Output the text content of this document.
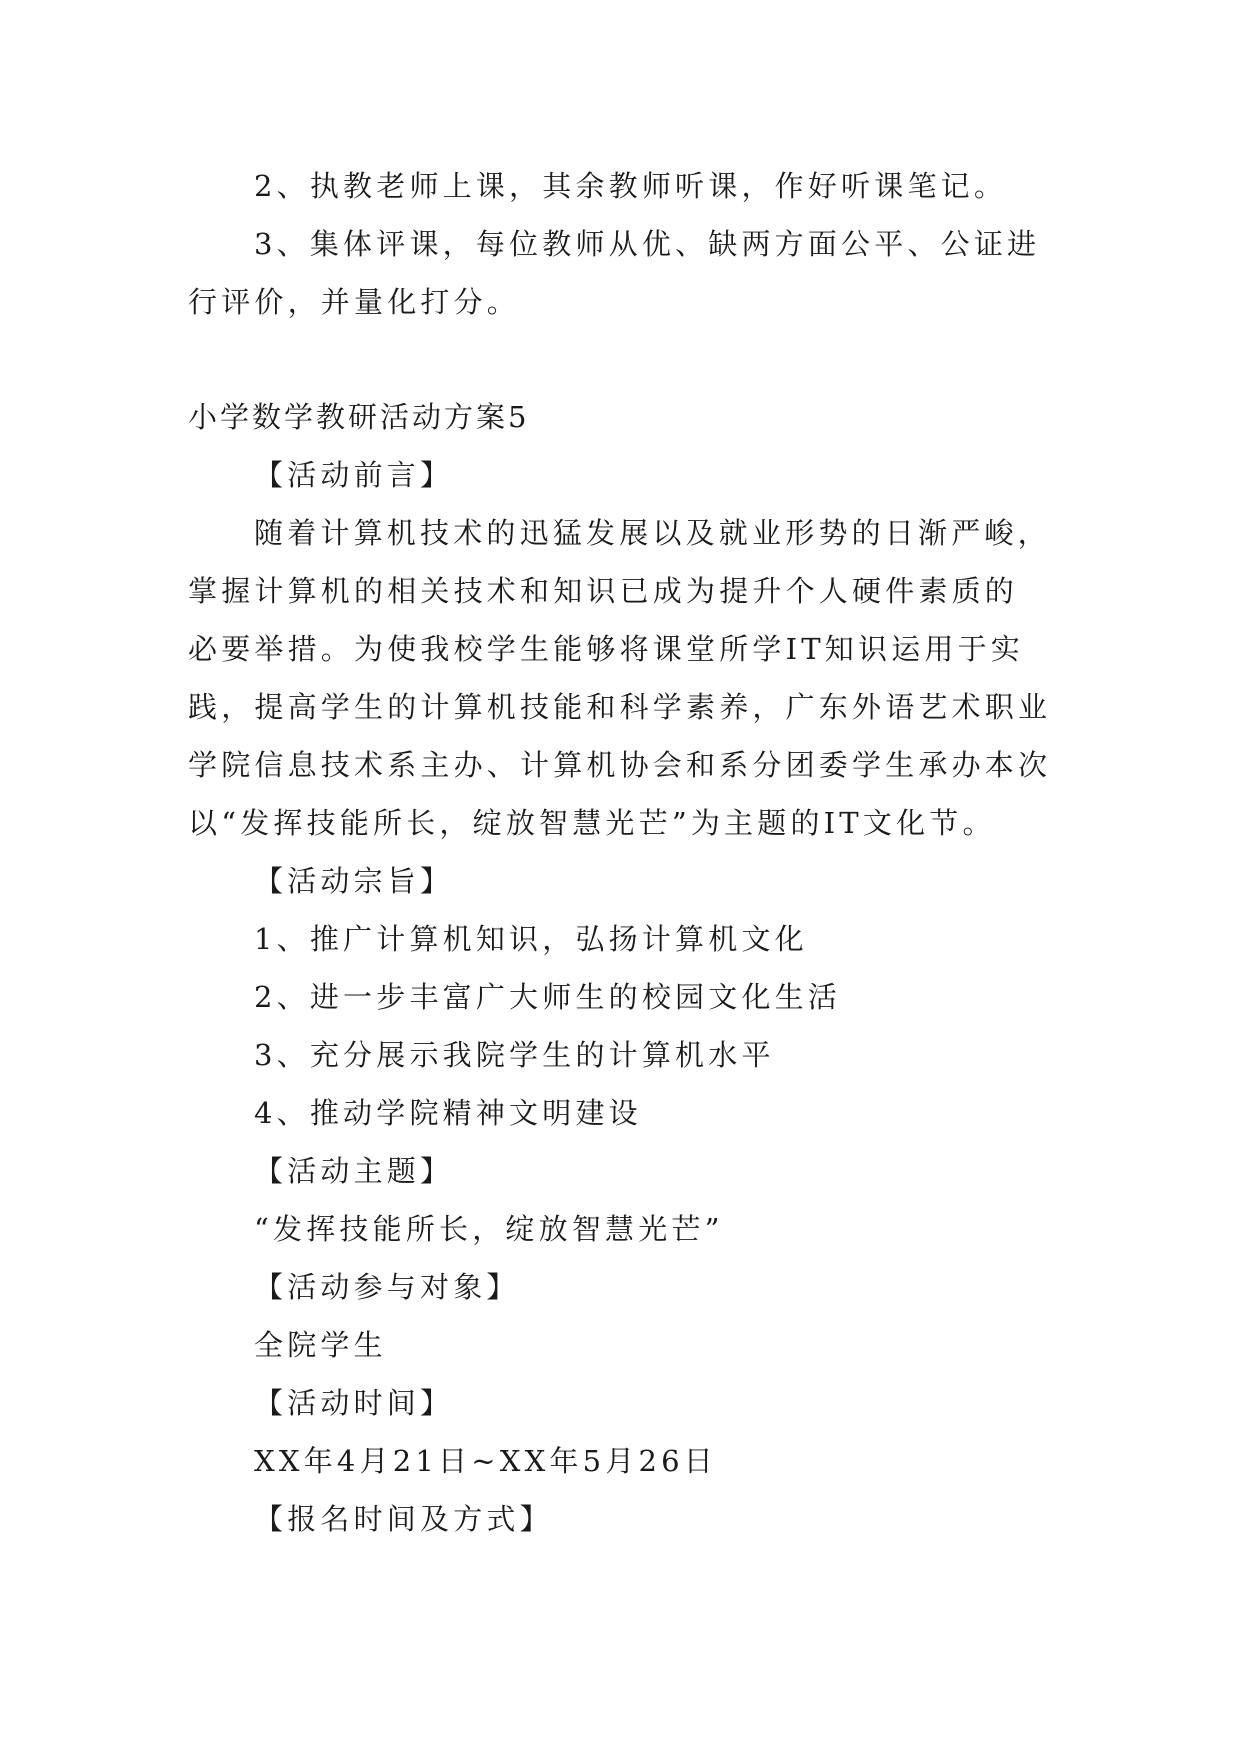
2、执教老师上课，其余教师听课，作好听课笔记。
3、集体评课，每位教师从优、缺两方面公平、公证进
行评价，并量化打分。
小学数学教研活动方案5
【活动前言】
随着计算机技术的迅猛发展以及就业形势的日渐严峻，
掌握计算机的相关技术和知识已成为提升个人硬件素质的
必要举措。为使我校学生能够将课堂所学IT知识运用于实
践，提高学生的计算机技能和科学素养，广东外语艺术职业
学院信息技术系主办、计算机协会和系分团委学生承办本次
以“发挥技能所长，绽放智慧光芒”为主题的IT文化节。
【活动宗旨】
1、推广计算机知识，弘扬计算机文化
2、进一步丰富广大师生的校园文化生活
3、充分展示我院学生的计算机水平
4、推动学院精神文明建设
【活动主题】
“发挥技能所长，绽放智慧光芒”
【活动参与对象】
全院学生
【活动时间】
XX年4月21日~XX年5月26日
【报名时间及方式】
